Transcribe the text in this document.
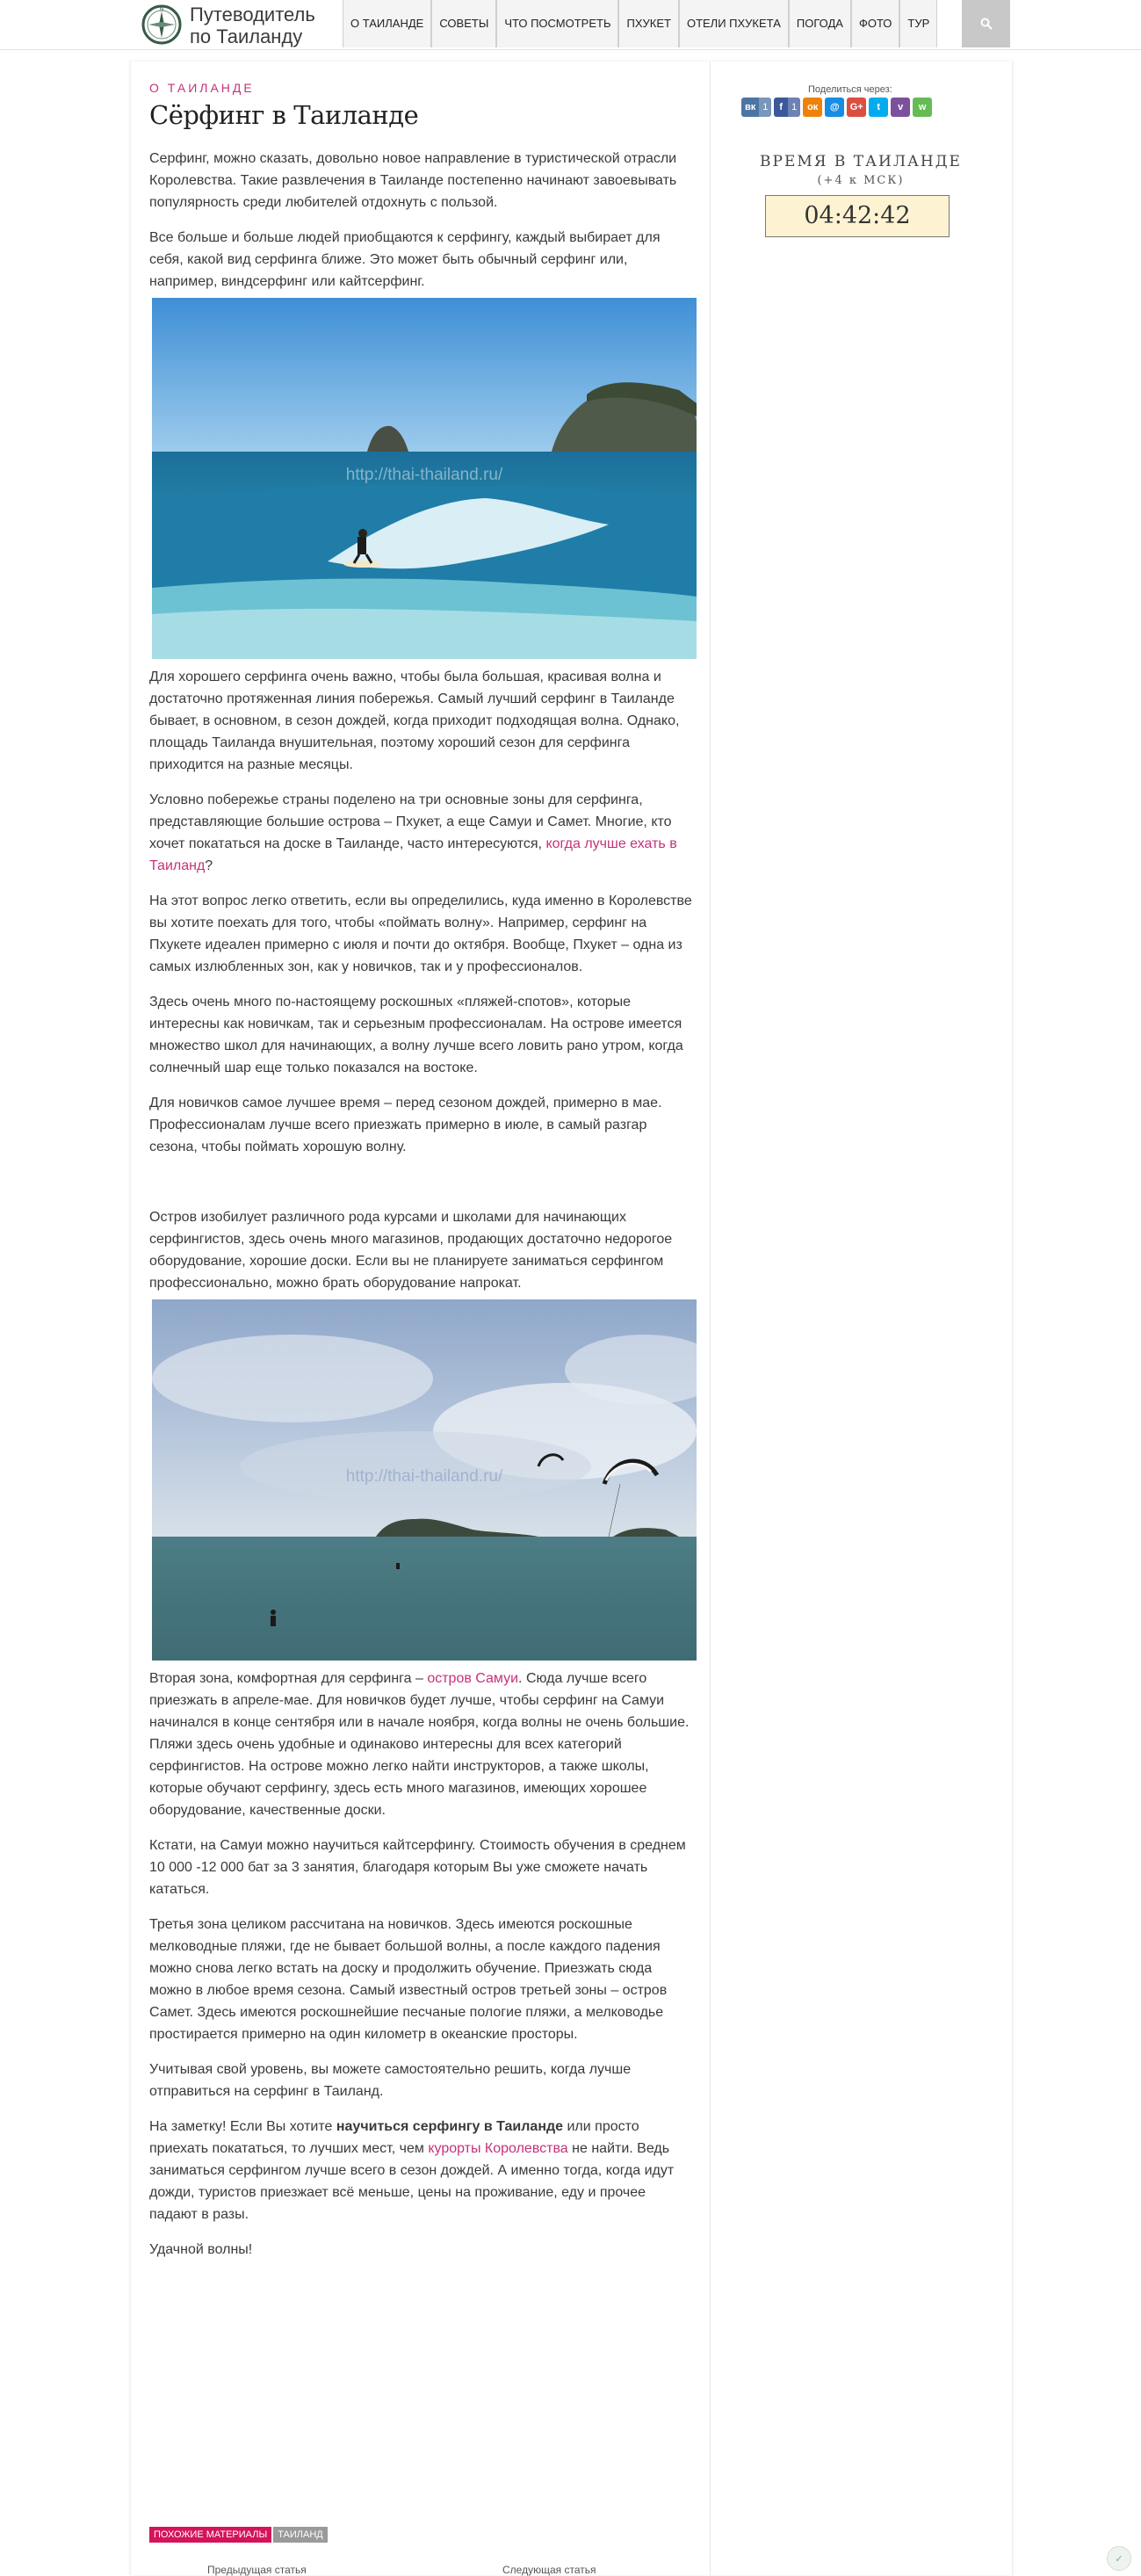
N Путеводитель
по Таиланду
О ТАИЛАНДЕ	СОВЕТЫ	ЧТО ПОСМОТРЕТЬ	ПХУКЕТ	ОТЕЛИ ПХУКЕТА	ПОГОДА	ФОТО	ТУР
О ТАИЛАНДЕ
Сёрфинг в Таиланде

Серфинг, можно сказать, довольно новое направление в туристической отрасли Королевства. Такие развлечения в Таиланде постепенно начинают завоевывать популярность среди любителей отдохнуть с пользой.

Все больше и больше людей приобщаются к серфингу, каждый выбирает для себя, какой вид серфинга ближе. Это может быть обычный серфинг или, например, виндсерфинг или кайтсерфинг.

http://thai-thailand.ru/

Для хорошего серфинга очень важно, чтобы была большая, красивая волна и достаточно протяженная линия побережья. Самый лучший серфинг в Таиланде бывает, в основном, в сезон дождей, когда приходит подходящая волна. Однако, площадь Таиланда внушительная, поэтому хороший сезон для серфинга приходится на разные месяцы.

Условно побережье страны поделено на три основные зоны для серфинга, представляющие большие острова – Пхукет, а еще Самуи и Самет. Многие, кто хочет покататься на доске в Таиланде, часто интересуются, когда лучше ехать в Таиланд?

На этот вопрос легко ответить, если вы определились, куда именно в Королевстве вы хотите поехать для того, чтобы «поймать волну». Например, серфинг на Пхукете идеален примерно с июля и почти до октября. Вообще, Пхукет – одна из самых излюбленных зон, как у новичков, так и у профессионалов.

Здесь очень много по-настоящему роскошных «пляжей-спотов», которые интересны как новичкам, так и серьезным профессионалам. На острове имеется множество школ для начинающих, а волну лучше всего ловить рано утром, когда солнечный шар еще только показался на востоке.

Для новичков самое лучшее время – перед сезоном дождей, примерно в мае. Профессионалам лучше всего приезжать примерно в июле, в самый разгар сезона, чтобы поймать хорошую волну.

Остров изобилует различного рода курсами и школами для начинающих серфингистов, здесь очень много магазинов, продающих достаточно недорогое оборудование, хорошие доски. Если вы не планируете заниматься серфингом профессионально, можно брать оборудование напрокат.

http://thai-thailand.ru/

Вторая зона, комфортная для серфинга – остров Самуи. Сюда лучше всего приезжать в апреле-мае. Для новичков будет лучше, чтобы серфинг на Самуи начинался в конце сентября или в начале ноября, когда волны не очень большие. Пляжи здесь очень удобные и одинаково интересны для всех категорий серфингистов. На острове можно легко найти инструкторов, а также школы, которые обучают серфингу, здесь есть много магазинов, имеющих хорошее оборудование, качественные доски.

Кстати, на Самуи можно научиться кайтсерфингу. Стоимость обучения в среднем 10 000 -12 000 бат за 3 занятия, благодаря которым Вы уже сможете начать кататься.

Третья зона целиком рассчитана на новичков. Здесь имеются роскошные мелководные пляжи, где не бывает большой волны, а после каждого падения можно снова легко встать на доску и продолжить обучение. Приезжать сюда можно в любое время сезона. Самый известный остров третьей зоны – остров Самет. Здесь имеются роскошнейшие песчаные пологие пляжи, а мелководье простирается примерно на один километр в океанские просторы.

Учитывая свой уровень, вы можете самостоятельно решить, когда лучше отправиться на серфинг в Таиланд.

На заметку! Если Вы хотите научиться серфингу в Таиланде или просто приехать покататься, то лучших мест, чем курорты Королевства не найти. Ведь заниматься серфингом лучше всего в сезон дождей. А именно тогда, когда идут дожди, туристов приезжает всё меньше, цены на проживание, еду и прочее падают в разы.

Удачной волны!

Поделиться через:
вк 1	f 1	ок @ G+ t v w
ВРЕМЯ В ТАИЛАНДЕ
(+4 к МСК)
04:42:42
ПОХОЖИЕ МАТЕРИАЛЫ	ТАИЛАНД
Предыдущая статья	Следующая статья
✓
